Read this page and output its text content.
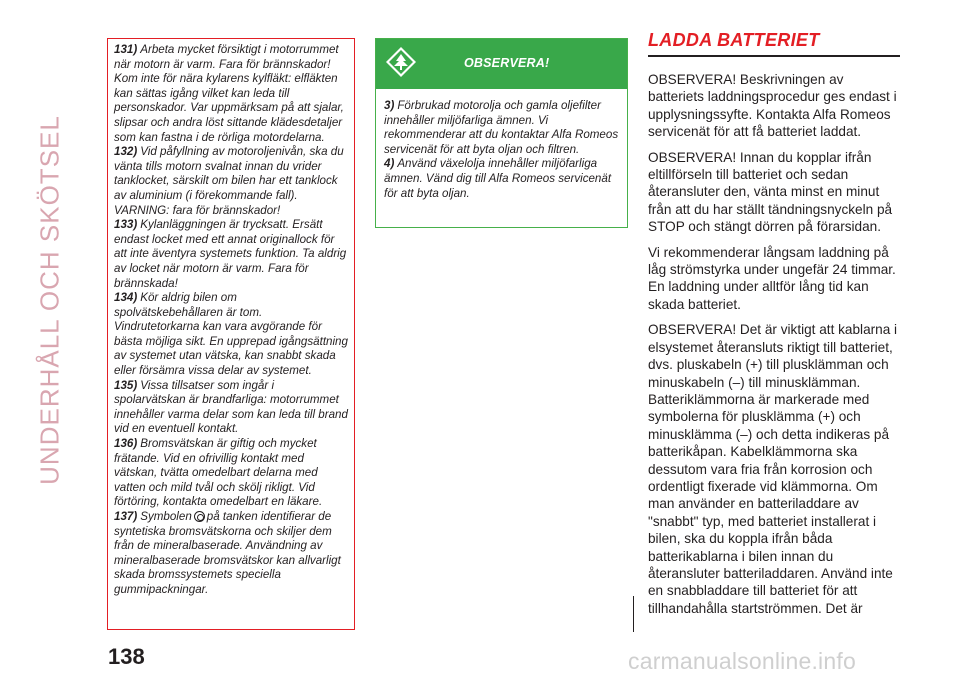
UNDERHÅLL OCH SKÖTSEL

131) Arbeta mycket försiktigt i motorrummet när motorn är varm. Fara för brännskador! Kom inte för nära kylarens kylfläkt: elfläkten kan sättas igång vilket kan leda till personskador. Var uppmärksam på att sjalar, slipsar och andra löst sittande klädesdetaljer som kan fastna i de rörliga motordelarna.

132) Vid påfyllning av motoroljenivån, ska du vänta tills motorn svalnat innan du vrider tanklocket, särskilt om bilen har ett tanklock av aluminium (i förekommande fall). VARNING: fara för brännskador!

133) Kylanläggningen är trycksatt. Ersätt endast locket med ett annat originallock för att inte äventyra systemets funktion. Ta aldrig av locket när motorn är varm. Fara för brännskada!

134) Kör aldrig bilen om spolvätskebehållaren är tom. Vindrutetorkarna kan vara avgörande för bästa möjliga sikt. En upprepad igångsättning av systemet utan vätska, kan snabbt skada eller försämra vissa delar av systemet.

135) Vissa tillsatser som ingår i spolarvätskan är brandfarliga: motorrummet innehåller varma delar som kan leda till brand vid en eventuell kontakt.

136) Bromsvätskan är giftig och mycket frätande. Vid en ofrivillig kontakt med vätskan, tvätta omedelbart delarna med vatten och mild tvål och skölj rikligt. Vid förtöring, kontakta omedelbart en läkare.

137) Symbolen på tanken identifierar de syntetiska bromsvätskorna och skiljer dem från de mineralbaserade. Användning av mineralbaserade bromsvätskor kan allvarligt skada bromssystemets speciella gummipackningar.

OBSERVERA!

3) Förbrukad motorolja och gamla oljefilter innehåller miljöfarliga ämnen. Vi rekommenderar att du kontaktar Alfa Romeos servicenät för att byta oljan och filtren.

4) Använd växelolja innehåller miljöfarliga ämnen. Vänd dig till Alfa Romeos servicenät för att byta oljan.

LADDA BATTERIET

OBSERVERA! Beskrivningen av batteriets laddningsprocedur ges endast i upplysningssyfte. Kontakta Alfa Romeos servicenät för att få batteriet laddat.

OBSERVERA! Innan du kopplar ifrån eltillförseln till batteriet och sedan återansluter den, vänta minst en minut från att du har ställt tändningsnyckeln på STOP och stängt dörren på förarsidan.

Vi rekommenderar långsam laddning på låg strömstyrka under ungefär 24 timmar. En laddning under alltför lång tid kan skada batteriet.

OBSERVERA! Det är viktigt att kablarna i elsystemet återansluts riktigt till batteriet, dvs. pluskabeln (+) till plusklämman och minuskabeln (–) till minusklämman. Batteriklämmorna är markerade med symbolerna för plusklämma (+) och minusklämma (–) och detta indikeras på batterikåpan. Kabelklämmorna ska dessutom vara fria från korrosion och ordentligt fixerade vid klämmorna. Om man använder en batteriladdare av "snabbt" typ, med batteriet installerat i bilen, ska du koppla ifrån båda batterikablarna i bilen innan du återansluter batteriladdaren. Använd inte en snabbladdare till batteriet för att tillhandahålla startströmmen. Det är

138	carmanualsonline.info
